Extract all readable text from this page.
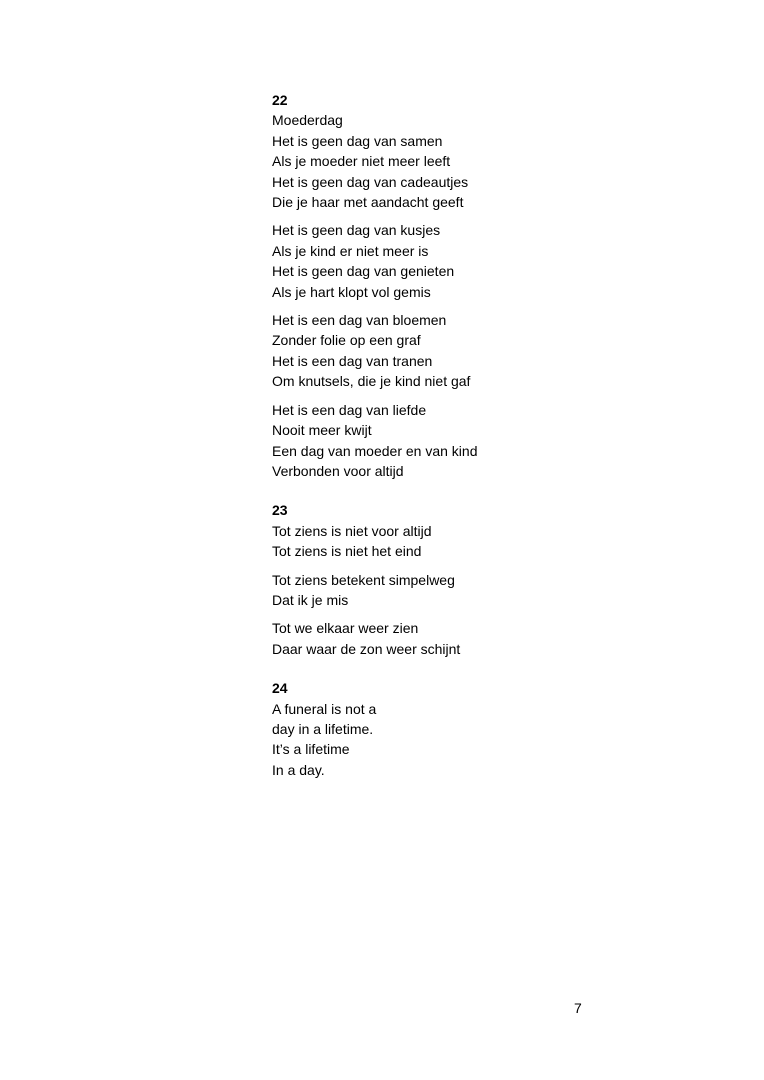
22
Moederdag
Het is geen dag van samen
Als je moeder niet meer leeft
Het is geen dag van cadeautjes
Die je haar met aandacht geeft
Het is geen dag van kusjes
Als je kind er niet meer is
Het is geen dag van genieten
Als je hart klopt vol gemis
Het is een dag van bloemen
Zonder folie op een graf
Het is een dag van tranen
Om knutsels, die je kind niet gaf
Het is een dag van liefde
Nooit meer kwijt
Een dag van moeder en van kind
Verbonden voor altijd
23
Tot ziens is niet voor altijd
Tot ziens is niet het eind
Tot ziens betekent simpelweg
Dat ik je mis
Tot we elkaar weer zien
Daar waar de zon weer schijnt
24
A funeral is not a
day in a lifetime.
It’s a lifetime
In a day.
7
